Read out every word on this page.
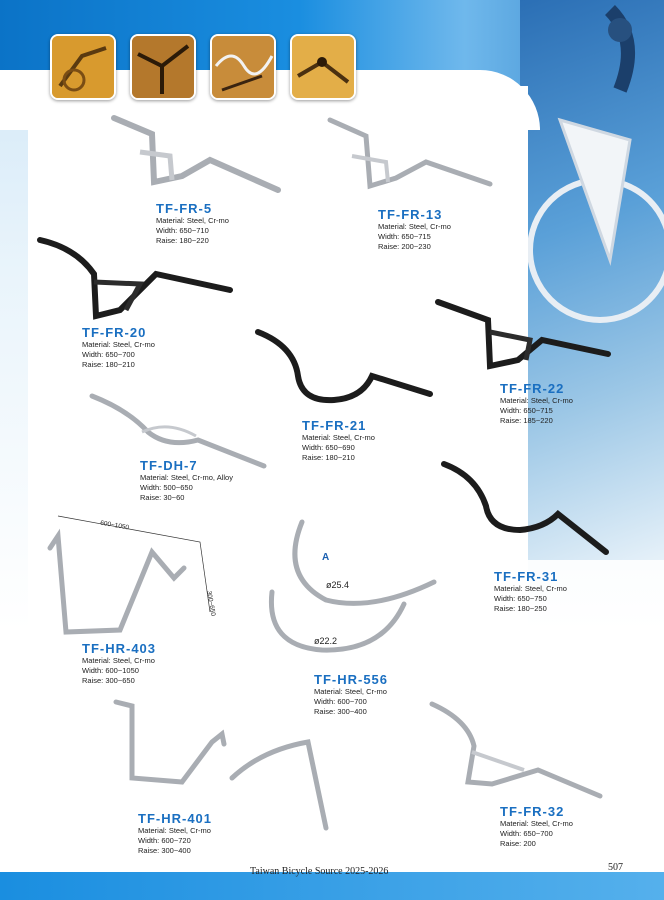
600~1050
300~650
A
ø25.4
ø22.2
TF-FR-5
Material: Steel, Cr-mo
Width: 650~710
Raise: 180~220
TF-FR-13
Material: Steel, Cr-mo
Width: 650~715
Raise: 200~230
TF-FR-20
Material: Steel, Cr-mo
Width: 650~700
Raise: 180~210
TF-FR-22
Material: Steel, Cr-mo
Width: 650~715
Raise: 185~220
TF-FR-21
Material: Steel, Cr-mo
Width: 650~690
Raise: 180~210
TF-DH-7
Material: Steel, Cr-mo, Alloy
Width: 500~650
Raise: 30~60
TF-FR-31
Material: Steel, Cr-mo
Width: 650~750
Raise: 180~250
TF-HR-403
Material: Steel, Cr-mo
Width: 600~1050
Raise: 300~650	TF-HR-556
Material: Steel, Cr-mo
Width: 600~700
Raise: 300~400
TF-HR-401
Material: Steel, Cr-mo
Width: 600~720
Raise: 300~400
TF-FR-32
Material: Steel, Cr-mo
Width: 650~700
Raise: 200
Taiwan Bicycle Source 2025-2026	507
